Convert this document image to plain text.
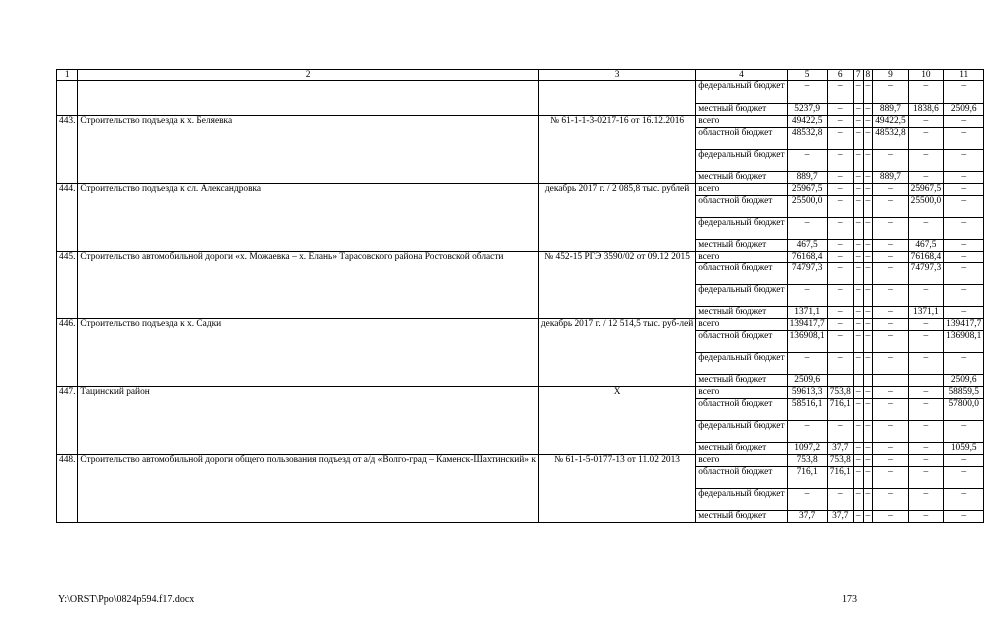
1	2	3	4	5	6	7	8	9	10	11
			федеральный бюджет	–	–	–	–	–	–	–
			местный бюджет	5237,9	–	–	–	889,7	1838,6	2509,6
443.	Строительство подъезда к х. Беляевка	№ 61-1-1-3-0217-16 от 16.12.2016	всего	49422,5	–	–	–	49422,5	–	–
			областной бюджет	48532,8	–	–	–	48532,8	–	–
			федеральный бюджет	–	–	–	–	–	–	–
			местный бюджет	889,7	–	–	–	889,7	–	–
444.	Строительство подъезда к сл. Александровка	декабрь 2017 г. / 2 085,8 тыс. рублей	всего	25967,5	–	–	–	–	25967,5	–
			областной бюджет	25500,0	–	–	–	–	25500,0	–
			федеральный бюджет	–	–	–	–	–	–	–
			местный бюджет	467,5	–	–	–	–	467,5	–
445.	Строительство автомобильной дороги «х. Можаевка – х. Елань» Тарасовского района Ростовской области	№ 452-15 РГЭ 3590/02 от 09.12 2015	всего	76168,4	–	–	–	–	76168,4	–
			областной бюджет	74797,3	–	–	–	–	74797,3	–
			федеральный бюджет	–	–	–	–	–	–	–
			местный бюджет	1371,1	–	–	–	–	1371,1	–
446.	Строительство подъезда к х. Садки	декабрь 2017 г. / 12 514,5 тыс. руб-лей	всего	139417,7	–	–	–	–	–	139417,7
			областной бюджет	136908,1	–	–	–	–	–	136908,1
			федеральный бюджет	–	–	–	–	–	–	–
			местный бюджет	2509,6						2509,6
447.	Тацинский район	Х	всего	59613,3	753,8	–	–	–	–	58859,5
			областной бюджет	58516,1	716,1	–	–	–	–	57800,0
			федеральный бюджет	–	–	–	–	–	–	–
			местный бюджет	1097,2	37,7	–	–	–	–	1059,5
448.	Строительство автомобильной дороги общего пользования подъезд от а/д «Волго-град – Каменск-Шахтинский» к	№ 61-1-5-0177-13 от 11.02 2013	всего	753,8	753,8	–	–	–	–	–
			областной бюджет	716,1	716,1	–	–	–	–	–
			федеральный бюджет	–	–	–	–	–	–	–
			местный бюджет	37,7	37,7	–	–	–	–	–
Y:\ORST\Ppo\0824p594.f17.docx	173
